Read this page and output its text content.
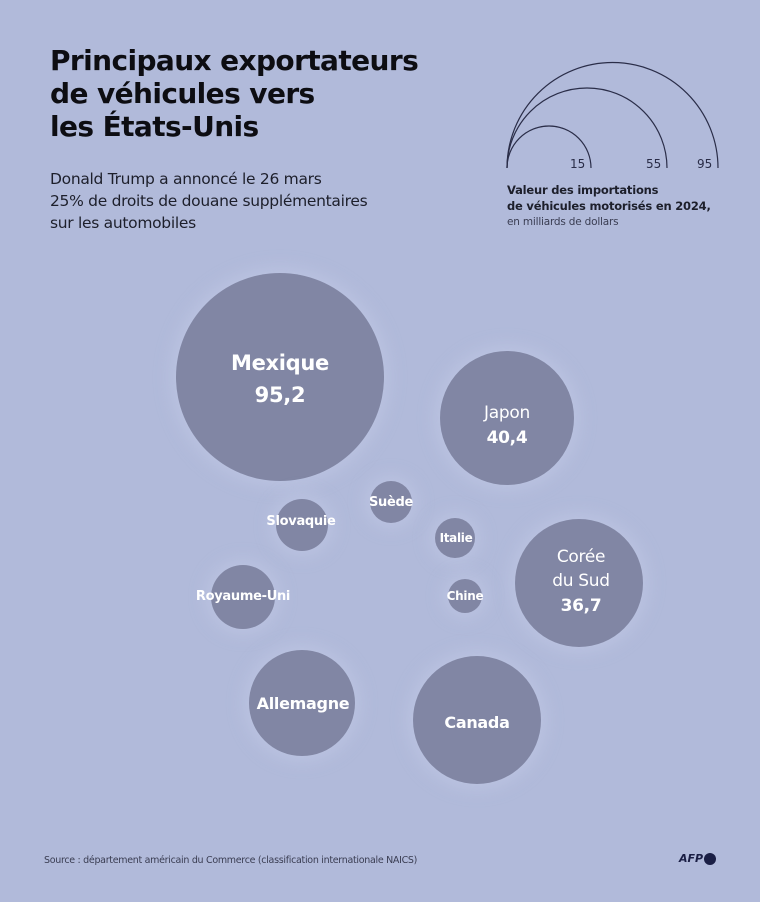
Principaux exportateurs
de véhicules vers
les États-Unis
Donald Trump a annoncé le 26 mars
25% de droits de douane supplémentaires
sur les automobiles
15	55	95
Valeur des importations
de véhicules motorisés en 2024,
en milliards de dollars
Mexique
95,2
Japon
40,4
Corée
du Sud
36,7
Canada
Allemagne
Royaume-Uni
Slovaquie
Suède
Italie
Chine
Source : département américain du Commerce (classification internationale NAICS)	AFP
